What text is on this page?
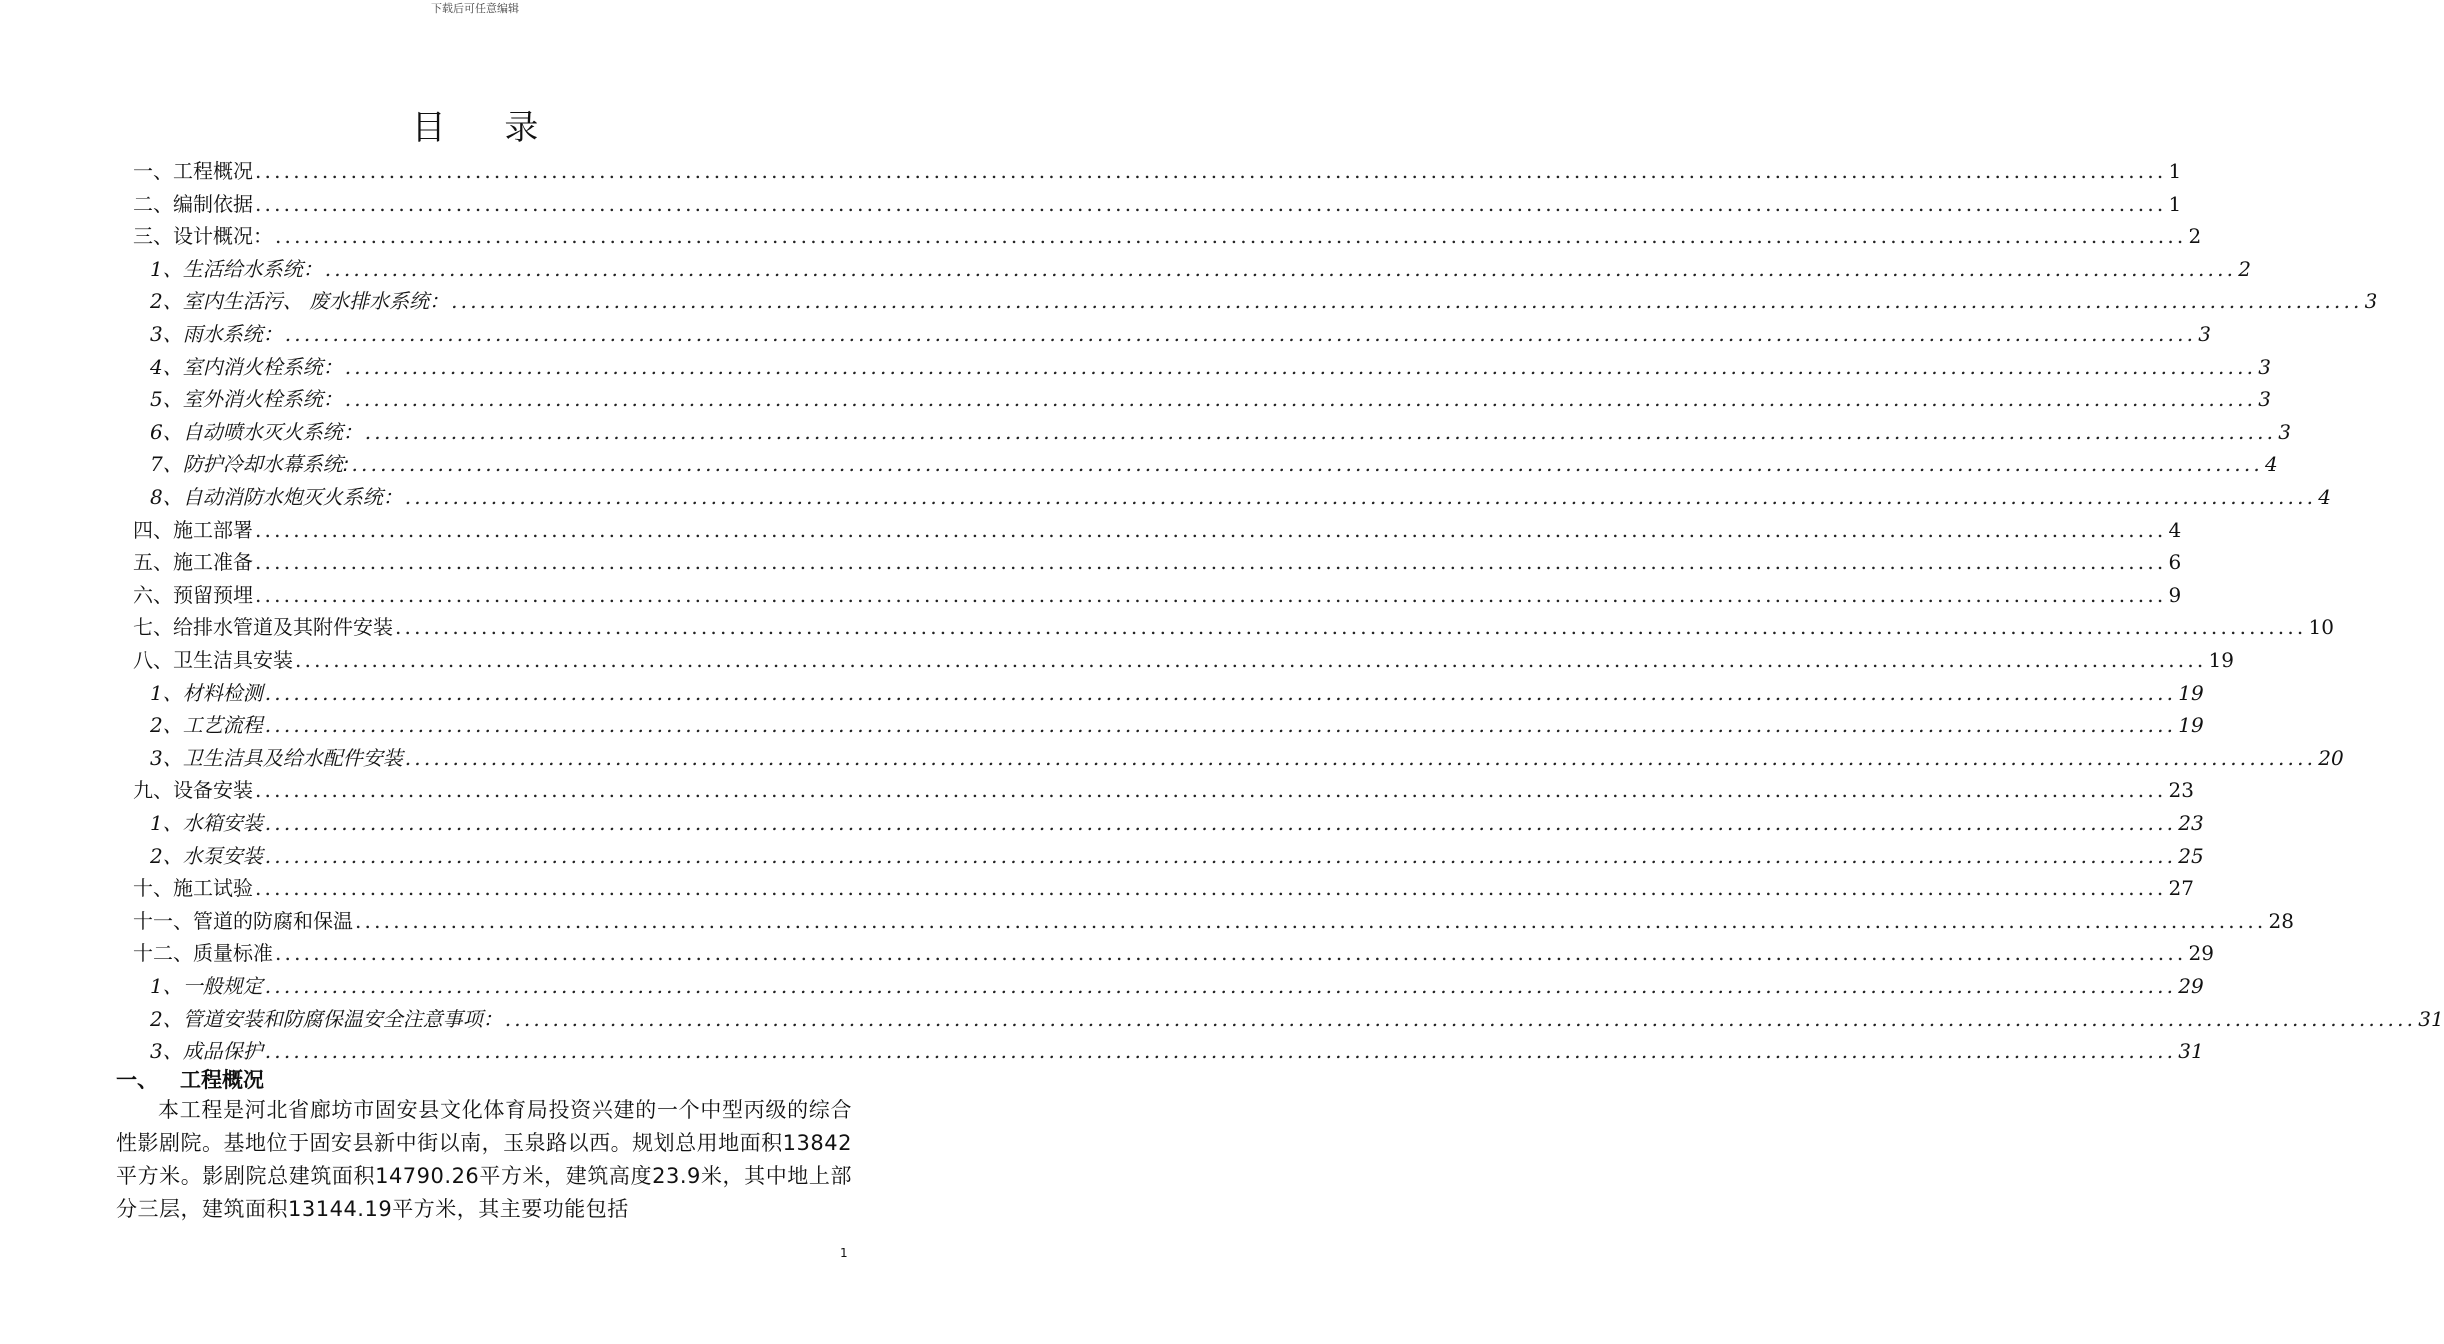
下载后可任意编辑
目 录
一、 工程概况 ........................................................................................................................................................................................................ 1
二、 编制依据 ........................................................................................................................................................................................................ 1
三、 设计概况： ........................................................................................................................................................................................................ 2
1、 生活给水系统： ........................................................................................................................................................................................................ 2
2、 室内生活污、 废水排水系统： ........................................................................................................................................................................................................ 3
3、 雨水系统： ........................................................................................................................................................................................................ 3
4、 室内消火栓系统： ........................................................................................................................................................................................................ 3
5、 室外消火栓系统： ........................................................................................................................................................................................................ 3
6、 自动喷水灭火系统： ........................................................................................................................................................................................................ 3
7、 防护冷却水幕系统: ........................................................................................................................................................................................................ 4
8、 自动消防水炮灭火系统： ........................................................................................................................................................................................................ 4
四、 施工部署 ........................................................................................................................................................................................................ 4
五、 施工准备 ........................................................................................................................................................................................................ 6
六、 预留预埋 ........................................................................................................................................................................................................ 9
七、 给排水管道及其附件安装 ........................................................................................................................................................................................................ 10
八、 卫生洁具安装 ........................................................................................................................................................................................................ 19
1、 材料检测 ........................................................................................................................................................................................................ 19
2、 工艺流程 ........................................................................................................................................................................................................ 19
3、 卫生洁具及给水配件安装 ........................................................................................................................................................................................................ 20
九、 设备安装 ........................................................................................................................................................................................................ 23
1、 水箱安装 ........................................................................................................................................................................................................ 23
2、 水泵安装 ........................................................................................................................................................................................................ 25
十、 施工试验 ........................................................................................................................................................................................................ 27
十一、 管道的防腐和保温 ........................................................................................................................................................................................................ 28
十二、 质量标准 ........................................................................................................................................................................................................ 29
1、 一般规定 ........................................................................................................................................................................................................ 29
2、 管道安装和防腐保温安全注意事项： ........................................................................................................................................................................................................ 31
3、 成品保护 ........................................................................................................................................................................................................ 31
一、 工程概况
本工程是河北省廊坊市固安县文化体育局投资兴建的一个中型丙级的综合性影剧院。基地位于固安县新中街以南，玉泉路以西。规划总用地面积13842平方米。影剧院总建筑面积14790.26平方米，建筑高度23.9米，其中地上部分三层，建筑面积13144.19平方米，其主要功能包括
1
